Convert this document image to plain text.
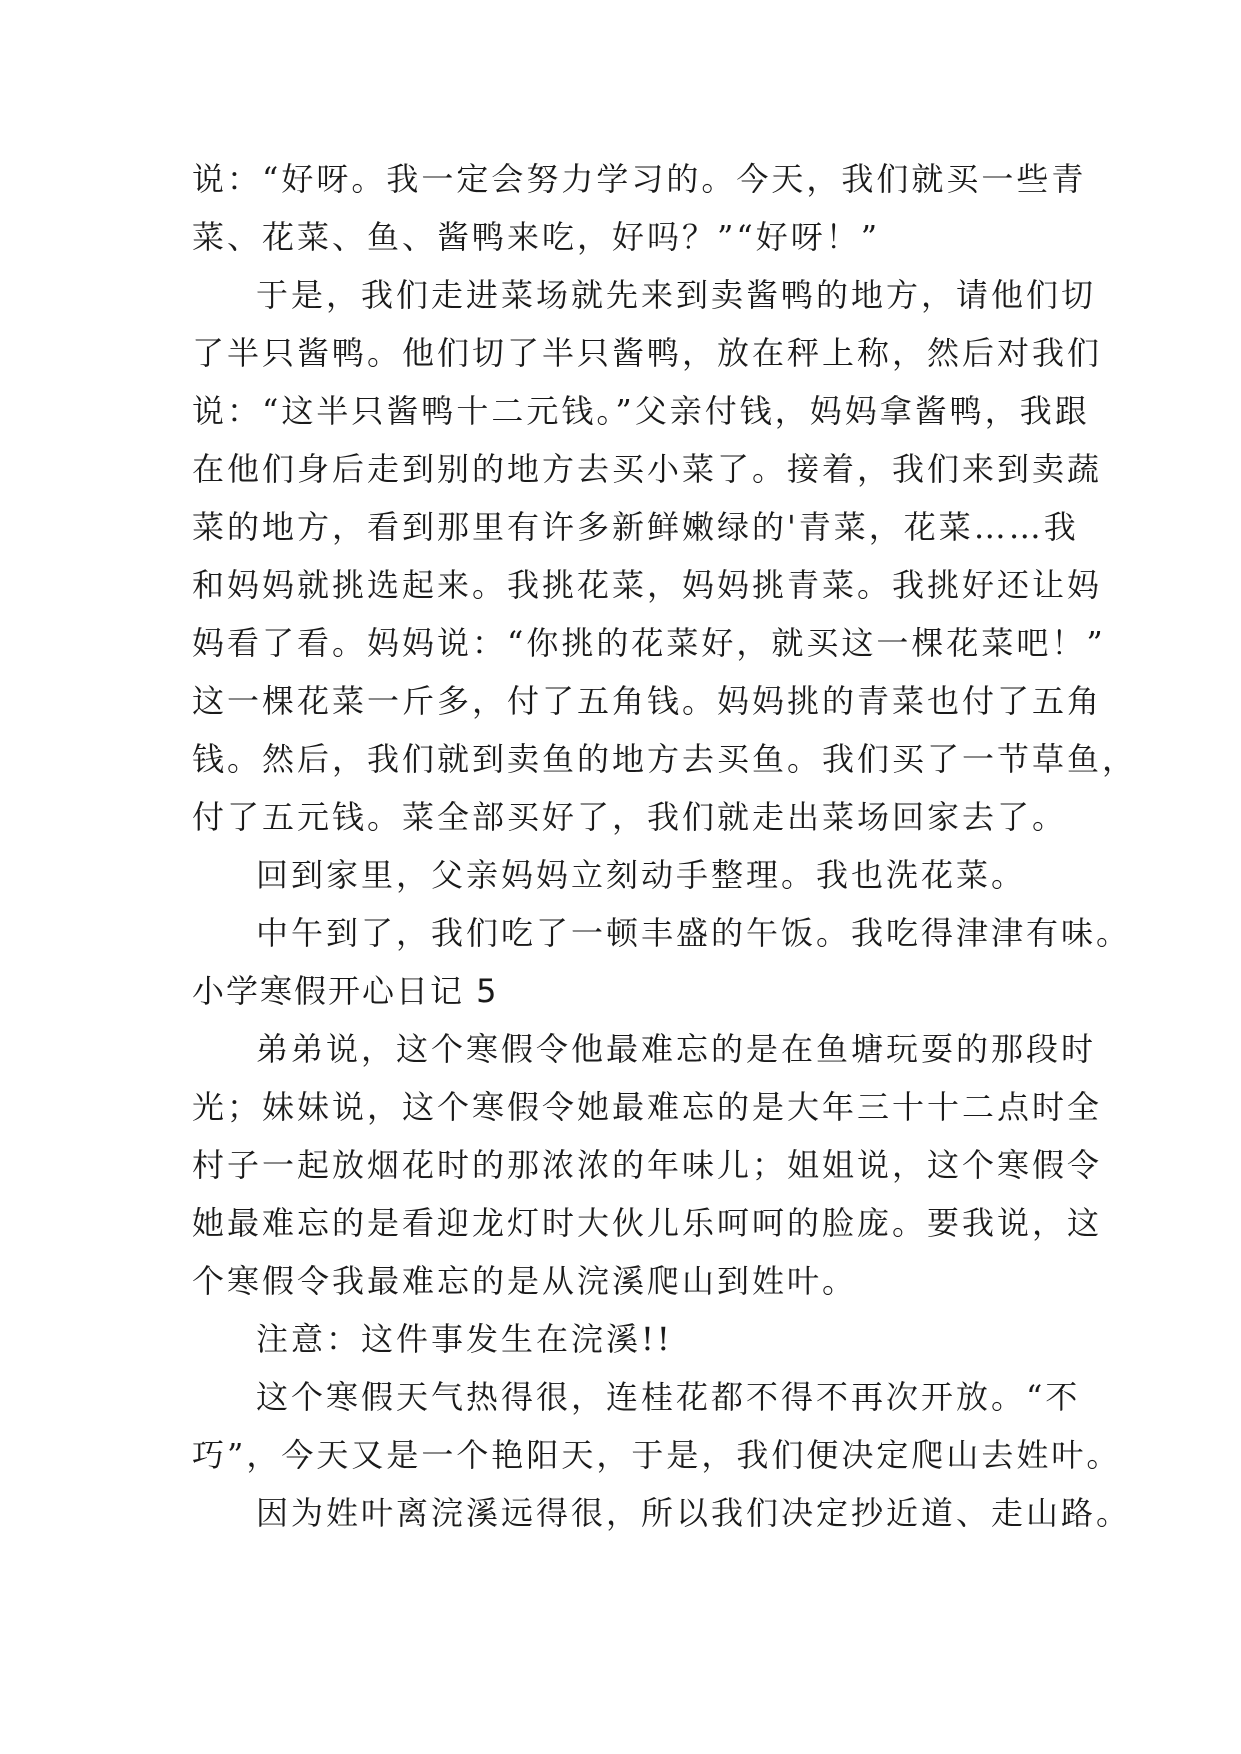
说：“好呀。我一定会努力学习的。今天，我们就买一些青
菜、花菜、鱼、酱鸭来吃，好吗？”“好呀！”
于是，我们走进菜场就先来到卖酱鸭的地方，请他们切
了半只酱鸭。他们切了半只酱鸭，放在秤上称，然后对我们
说：“这半只酱鸭十二元钱。”父亲付钱，妈妈拿酱鸭，我跟
在他们身后走到别的地方去买小菜了。接着，我们来到卖蔬
菜的地方，看到那里有许多新鲜嫩绿的'青菜，花菜……我
和妈妈就挑选起来。我挑花菜，妈妈挑青菜。我挑好还让妈
妈看了看。妈妈说：“你挑的花菜好，就买这一棵花菜吧！”
这一棵花菜一斤多，付了五角钱。妈妈挑的青菜也付了五角
钱。然后，我们就到卖鱼的地方去买鱼。我们买了一节草鱼，
付了五元钱。菜全部买好了，我们就走出菜场回家去了。
回到家里，父亲妈妈立刻动手整理。我也洗花菜。
中午到了，我们吃了一顿丰盛的午饭。我吃得津津有味。
小学寒假开心日记 5
弟弟说，这个寒假令他最难忘的是在鱼塘玩耍的那段时
光；妹妹说，这个寒假令她最难忘的是大年三十十二点时全
村子一起放烟花时的那浓浓的年味儿；姐姐说，这个寒假令
她最难忘的是看迎龙灯时大伙儿乐呵呵的脸庞。要我说，这
个寒假令我最难忘的是从浣溪爬山到姓叶。
注意：这件事发生在浣溪!!
这个寒假天气热得很，连桂花都不得不再次开放。“不
巧”，今天又是一个艳阳天，于是，我们便决定爬山去姓叶。
因为姓叶离浣溪远得很，所以我们决定抄近道、走山路。
